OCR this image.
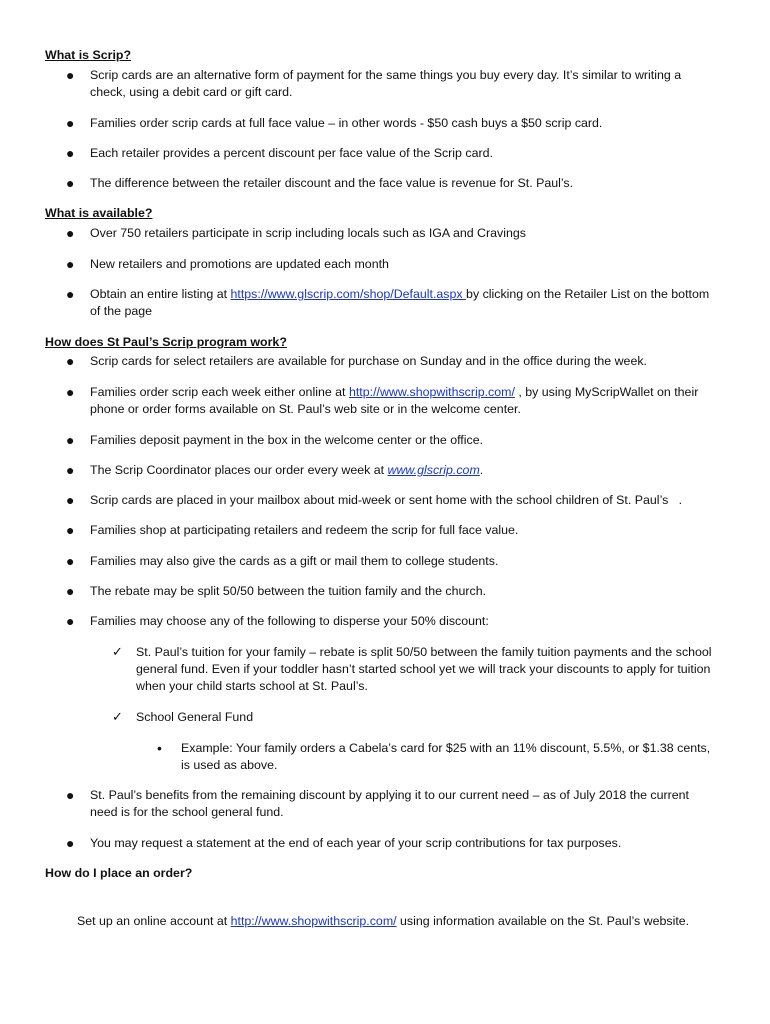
What is Scrip?
● Scrip cards are an alternative form of payment for the same things you buy every day. It’s similar to writing a check, using a debit card or gift card.
● Families order scrip cards at full face value – in other words - $50 cash buys a $50 scrip card.
● Each retailer provides a percent discount per face value of the Scrip card.
● The difference between the retailer discount and the face value is revenue for St. Paul’s.
What is available?
● Over 750 retailers participate in scrip including locals such as IGA and Cravings
● New retailers and promotions are updated each month
● Obtain an entire listing at https://www.glscrip.com/shop/Default.aspx by clicking on the Retailer List on the bottom of the page
How does St Paul’s Scrip program work?
● Scrip cards for select retailers are available for purchase on Sunday and in the office during the week.
● Families order scrip each week either online at http://www.shopwithscrip.com/ , by using MyScripWallet on their phone or order forms available on St. Paul’s web site or in the welcome center.
● Families deposit payment in the box in the welcome center or the office.
● The Scrip Coordinator places our order every week at www.glscrip.com.
● Scrip cards are placed in your mailbox about mid-week or sent home with the school children of St. Paul’s   .
● Families shop at participating retailers and redeem the scrip for full face value.
● Families may also give the cards as a gift or mail them to college students.
● The rebate may be split 50/50 between the tuition family and the church.
● Families may choose any of the following to disperse your 50% discount:
✓ St. Paul’s tuition for your family – rebate is split 50/50 between the family tuition payments and the school general fund. Even if your toddler hasn’t started school yet we will track your discounts to apply for tuition when your child starts school at St. Paul’s.
✓ School General Fund
• Example: Your family orders a Cabela’s card for $25 with an 11% discount, 5.5%, or $1.38 cents, is used as above.
● St. Paul’s benefits from the remaining discount by applying it to our current need – as of July 2018 the current need is for the school general fund.
● You may request a statement at the end of each year of your scrip contributions for tax purposes.
How do I place an order?
Set up an online account at http://www.shopwithscrip.com/ using information available on the St. Paul’s website.
